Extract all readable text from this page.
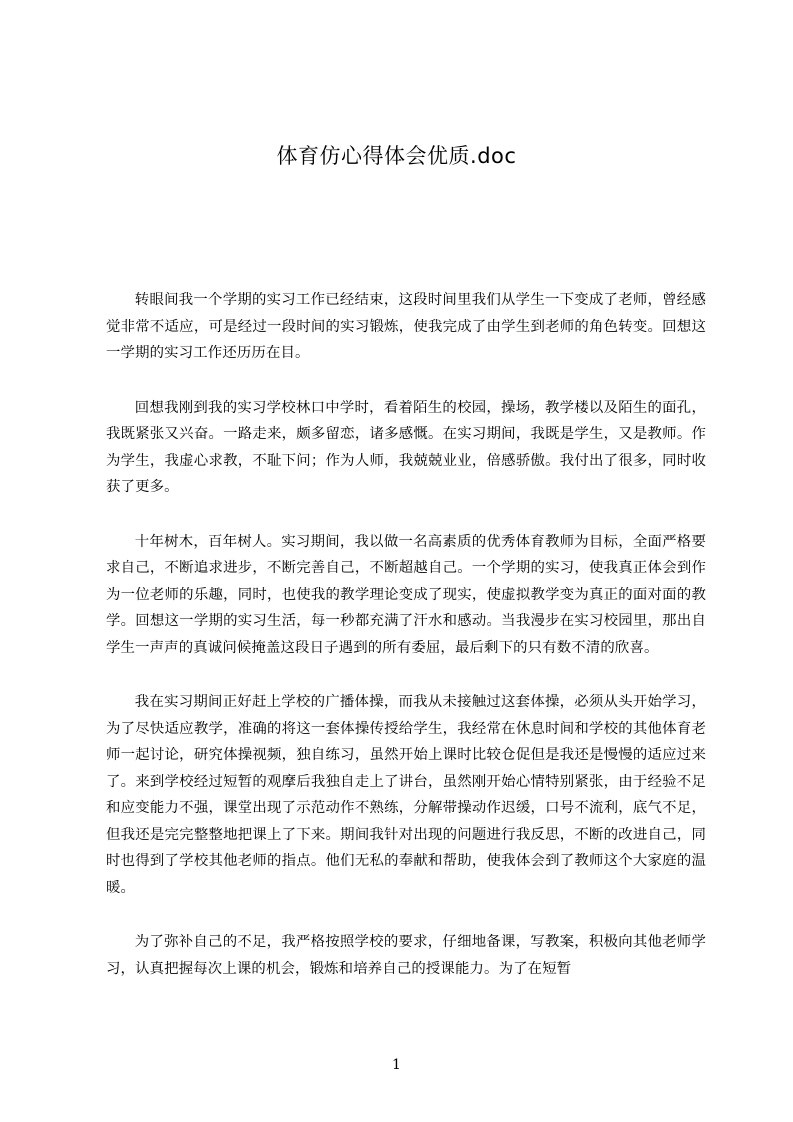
体育仿心得体会优质.doc

转眼间我一个学期的实习工作已经结束，这段时间里我们从学生一下变成了老师，曾经感觉非常不适应，可是经过一段时间的实习锻炼，使我完成了由学生到老师的角色转变。回想这一学期的实习工作还历历在目。

回想我刚到我的实习学校林口中学时，看着陌生的校园，操场，教学楼以及陌生的面孔，我既紧张又兴奋。一路走来，颇多留恋，诸多感慨。在实习期间，我既是学生，又是教师。作为学生，我虚心求教，不耻下问；作为人师，我兢兢业业，倍感骄傲。我付出了很多，同时收获了更多。

十年树木，百年树人。实习期间，我以做一名高素质的优秀体育教师为目标，全面严格要求自己，不断追求进步，不断完善自己，不断超越自己。一个学期的实习，使我真正体会到作为一位老师的乐趣，同时，也使我的教学理论变成了现实，使虚拟教学变为真正的面对面的教学。回想这一学期的实习生活，每一秒都充满了汗水和感动。当我漫步在实习校园里，那出自学生一声声的真诚问候掩盖这段日子遇到的所有委屈，最后剩下的只有数不清的欣喜。

我在实习期间正好赶上学校的广播体操，而我从未接触过这套体操，必须从头开始学习，为了尽快适应教学，准确的将这一套体操传授给学生，我经常在休息时间和学校的其他体育老师一起讨论，研究体操视频，独自练习，虽然开始上课时比较仓促但是我还是慢慢的适应过来了。来到学校经过短暂的观摩后我独自走上了讲台，虽然刚开始心情特别紧张，由于经验不足和应变能力不强，课堂出现了示范动作不熟练，分解带操动作迟缓，口号不流利，底气不足，但我还是完完整整地把课上了下来。期间我针对出现的问题进行我反思，不断的改进自己，同时也得到了学校其他老师的指点。他们无私的奉献和帮助，使我体会到了教师这个大家庭的温暖。

为了弥补自己的不足，我严格按照学校的要求，仔细地备课，写教案，积极向其他老师学习，认真把握每次上课的机会，锻炼和培养自己的授课能力。为了在短暂

1
